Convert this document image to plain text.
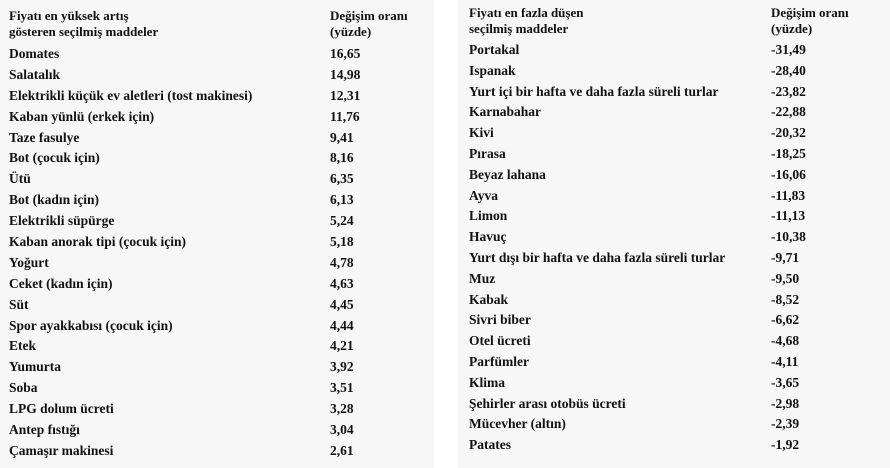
Fiyatı en yüksek artış
gösteren seçilmiş maddeler
Değişim oranı
(yüzde)
Domates	16,65
Salatalık	14,98
Elektrikli küçük ev aletleri (tost makinesi)	12,31
Kaban yünlü (erkek için)	11,76
Taze fasulye	9,41
Bot (çocuk için)	8,16
Ütü	6,35
Bot (kadın için)	6,13
Elektrikli süpürge	5,24
Kaban anorak tipi (çocuk için)	5,18
Yoğurt	4,78
Ceket (kadın için)	4,63
Süt	4,45
Spor ayakkabısı (çocuk için)	4,44
Etek	4,21
Yumurta	3,92
Soba	3,51
LPG dolum ücreti	3,28
Antep fıstığı	3,04
Çamaşır makinesi	2,61
Fiyatı en fazla düşen
seçilmiş maddeler
Değişim oranı
(yüzde)
Portakal	-31,49
Ispanak	-28,40
Yurt içi bir hafta ve daha fazla süreli turlar	-23,82
Karnabahar	-22,88
Kivi	-20,32
Pırasa	-18,25
Beyaz lahana	-16,06
Ayva	-11,83
Limon	-11,13
Havuç	-10,38
Yurt dışı bir hafta ve daha fazla süreli turlar	-9,71
Muz	-9,50
Kabak	-8,52
Sivri biber	-6,62
Otel ücreti	-4,68
Parfümler	-4,11
Klima	-3,65
Şehirler arası otobüs ücreti	-2,98
Mücevher (altın)	-2,39
Patates	-1,92
